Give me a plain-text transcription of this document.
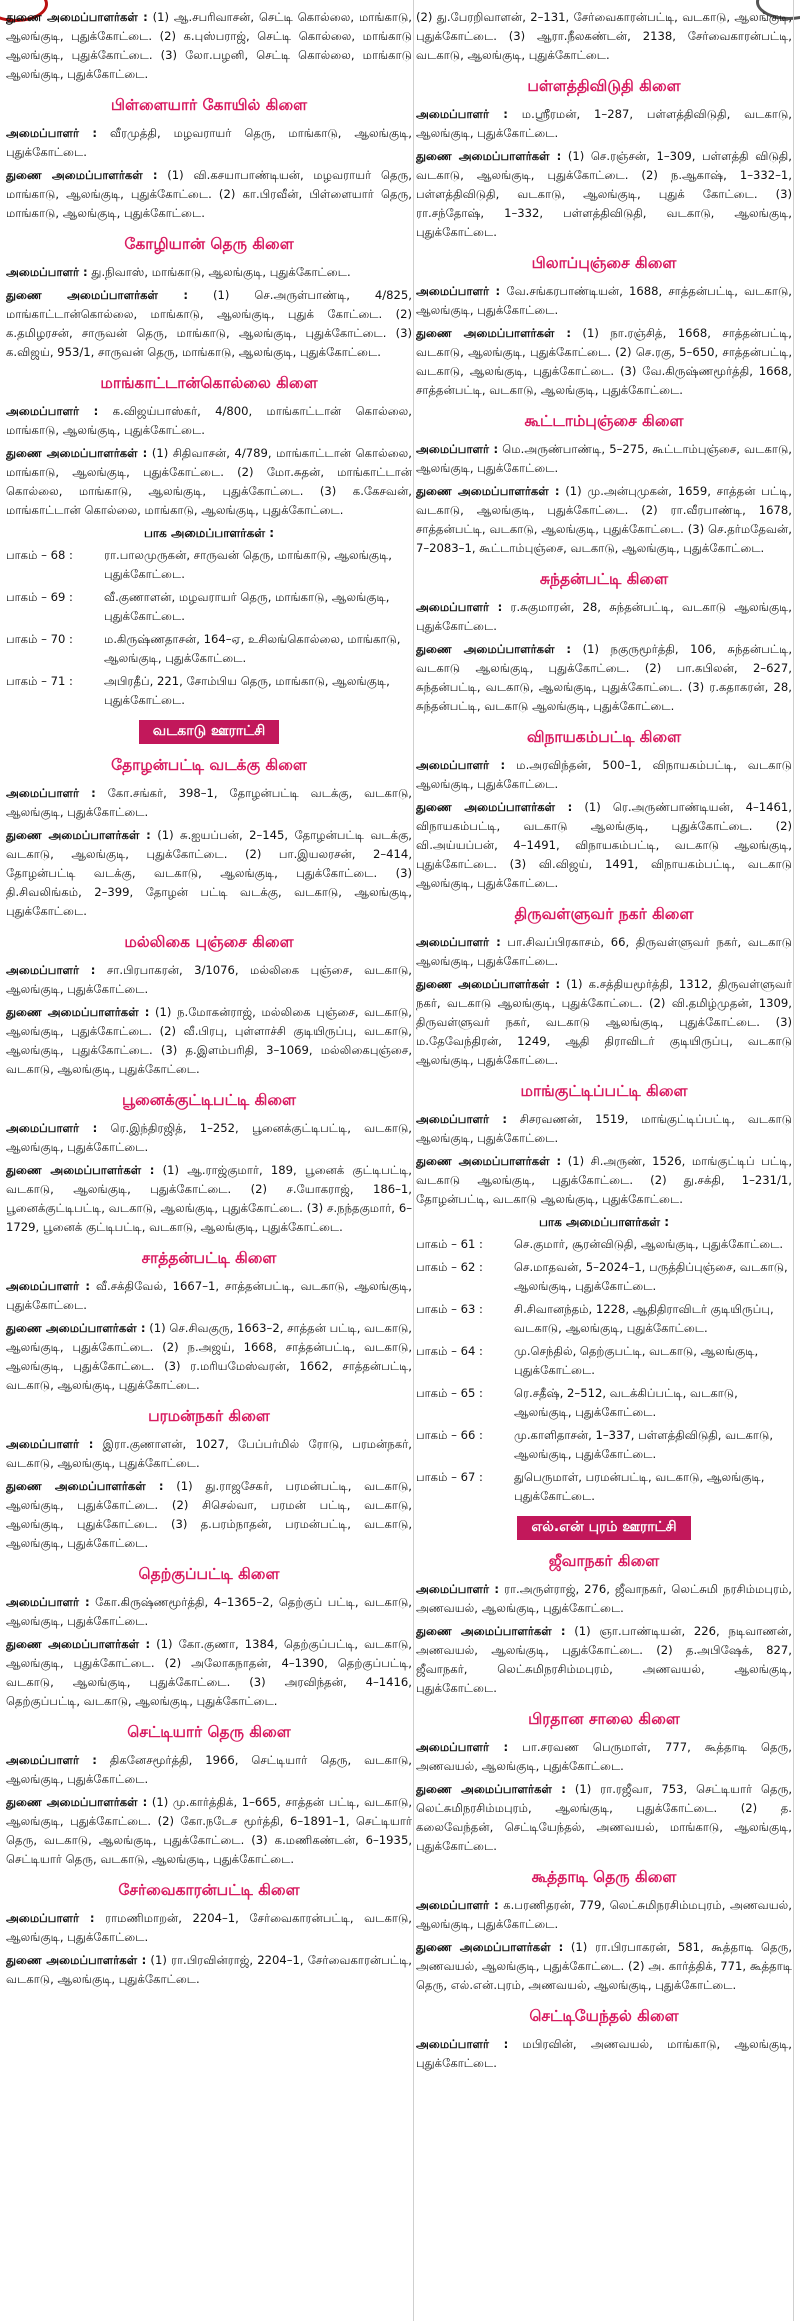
துணை அமைப்பாளர்கள் : (1) ஆ.சபரிவாசன், செட்டி கொல்லை, மாங்காடு, ஆலங்குடி, புதுக்கோட்டை. (2) க.புஸ்பராஜ், செட்டி கொல்லை, மாங்காடு ஆலங்குடி, புதுக்கோட்டை. (3) லோ.பழனி, செட்டி கொல்லை, மாங்காடு ஆலங்குடி, புதுக்கோட்டை.

பிள்ளையார் கோயில் கிளை

அமைப்பாளர் : வீரமுத்தி, மழவராயர் தெரு, மாங்காடு, ஆலங்குடி, புதுக்கோட்டை.

துணை அமைப்பாளர்கள் : (1) வி.கசயாபாண்டியன், மழவராயர் தெரு, மாங்காடு, ஆலங்குடி, புதுக்கோட்டை. (2) கா.பிரவீன், பிள்ளையார் தெரு, மாங்காடு, ஆலங்குடி, புதுக்கோட்டை.

கோழியான் தெரு கிளை

அமைப்பாளர் : து.நிவாஸ், மாங்காடு, ஆலங்குடி, புதுக்கோட்டை.

துணை அமைப்பாளர்கள் : (1) செ.அருள்பாண்டி, 4/825, மாங்காட்டான்கொல்லை, மாங்காடு, ஆலங்குடி, புதுக் கோட்டை. (2) க.தமிழரசன், சாருவன் தெரு, மாங்காடு, ஆலங்குடி, புதுக்கோட்டை. (3) க.விஜய், 953/1, சாருவன் தெரு, மாங்காடு, ஆலங்குடி, புதுக்கோட்டை.

மாங்காட்டான்கொல்லை கிளை

அமைப்பாளர் : க.விஜய்பாஸ்கர், 4/800, மாங்காட்டான் கொல்லை, மாங்காடு, ஆலங்குடி, புதுக்கோட்டை.

துணை அமைப்பாளர்கள் : (1) சிதிவாசன், 4/789, மாங்காட்டான் கொல்லை, மாங்காடு, ஆலங்குடி, புதுக்கோட்டை. (2) மோ.சுதன், மாங்காட்டான் கொல்லை, மாங்காடு, ஆலங்குடி, புதுக்கோட்டை. (3) க.கேசவன், மாங்காட்டான் கொல்லை, மாங்காடு, ஆலங்குடி, புதுக்கோட்டை.

பாக அமைப்பாளர்கள் :
பாகம் – 68 :	ரா.பாலமுருகன், சாருவன் தெரு, மாங்காடு, ஆலங்குடி, புதுக்கோட்டை.
பாகம் – 69 :	வீ.குணாளன், மழவராயர் தெரு, மாங்காடு, ஆலங்குடி, புதுக்கோட்டை.
பாகம் – 70 :	ம.கிருஷ்ணதாசன், 164–ஏ, உசிலங்கொல்லை, மாங்காடு, ஆலங்குடி, புதுக்கோட்டை.
பாகம் – 71 :	அபிரதீப், 221, சோம்பிய தெரு, மாங்காடு, ஆலங்குடி, புதுக்கோட்டை.
வடகாடு ஊராட்சி
தோழன்பட்டி வடக்கு கிளை

அமைப்பாளர் : கோ.சங்கர், 398–1, தோழன்பட்டி வடக்கு, வடகாடு, ஆலங்குடி, புதுக்கோட்டை.

துணை அமைப்பாளர்கள் : (1) சு.ஐயப்பன், 2–145, தோழன்பட்டி வடக்கு, வடகாடு, ஆலங்குடி, புதுக்கோட்டை. (2) பா.இயலரசன், 2–414, தோழன்பட்டி வடக்கு, வடகாடு, ஆலங்குடி, புதுக்கோட்டை. (3) தி.சிவலிங்கம், 2–399, தோழன் பட்டி வடக்கு, வடகாடு, ஆலங்குடி, புதுக்கோட்டை.

மல்லிகை புஞ்சை கிளை

அமைப்பாளர் : சா.பிரபாகரன், 3/1076, மல்லிகை புஞ்சை, வடகாடு, ஆலங்குடி, புதுக்கோட்டை.

துணை அமைப்பாளர்கள் : (1) ந.மோகன்ராஜ், மல்லிகை புஞ்சை, வடகாடு, ஆலங்குடி, புதுக்கோட்டை. (2) வீ.பிரபு, புள்ளாச்சி குடியிருப்பு, வடகாடு, ஆலங்குடி, புதுக்கோட்டை. (3) த.இளம்பரிதி, 3–1069, மல்லிகைபுஞ்சை, வடகாடு, ஆலங்குடி, புதுக்கோட்டை.

பூனைக்குட்டிபட்டி கிளை

அமைப்பாளர் : ரெ.இந்திரஜித், 1–252, பூனைக்குட்டிபட்டி, வடகாடு, ஆலங்குடி, புதுக்கோட்டை.

துணை அமைப்பாளர்கள் : (1) ஆ.ராஜ்குமார், 189, பூனைக் குட்டிபட்டி, வடகாடு, ஆலங்குடி, புதுக்கோட்டை. (2) ச.யோகராஜ், 186–1, பூனைக்குட்டிபட்டி, வடகாடு, ஆலங்குடி, புதுக்கோட்டை. (3) ச.நந்தகுமார், 6–1729, பூனைக் குட்டிபட்டி, வடகாடு, ஆலங்குடி, புதுக்கோட்டை.

சாத்தன்பட்டி கிளை

அமைப்பாளர் : வீ.சக்திவேல், 1667–1, சாத்தன்பட்டி, வடகாடு, ஆலங்குடி, புதுக்கோட்டை.

துணை அமைப்பாளர்கள் : (1) செ.சிவகுரு, 1663–2, சாத்தன் பட்டி, வடகாடு, ஆலங்குடி, புதுக்கோட்டை. (2) ந.அஜய், 1668, சாத்தன்பட்டி, வடகாடு, ஆலங்குடி, புதுக்கோட்டை. (3) ர.மரியமேஸ்வரன், 1662, சாத்தன்பட்டி, வடகாடு, ஆலங்குடி, புதுக்கோட்டை.

பரமன்நகர் கிளை

அமைப்பாளர் : இரா.குணாளன், 1027, பேப்பர்மில் ரோடு, பரமன்நகர், வடகாடு, ஆலங்குடி, புதுக்கோட்டை.

துணை அமைப்பாளர்கள் : (1) து.ராஜசேகர், பரமன்பட்டி, வடகாடு, ஆலங்குடி, புதுக்கோட்டை. (2) சிசெல்வா, பரமன் பட்டி, வடகாடு, ஆலங்குடி, புதுக்கோட்டை. (3) த.பரம்நாதன், பரமன்பட்டி, வடகாடு, ஆலங்குடி, புதுக்கோட்டை.

தெற்குப்பட்டி கிளை

அமைப்பாளர் : கோ.கிருஷ்ணமூர்த்தி, 4–1365–2, தெற்குப் பட்டி, வடகாடு, ஆலங்குடி, புதுக்கோட்டை.

துணை அமைப்பாளர்கள் : (1) கோ.குணா, 1384, தெற்குப்பட்டி, வடகாடு, ஆலங்குடி, புதுக்கோட்டை. (2) அலோகநாதன், 4–1390, தெற்குப்பட்டி, வடகாடு, ஆலங்குடி, புதுக்கோட்டை. (3) அரவிந்தன், 4–1416, தெற்குப்பட்டி, வடகாடு, ஆலங்குடி, புதுக்கோட்டை.

செட்டியார் தெரு கிளை

அமைப்பாளர் : திகனேசமூர்த்தி, 1966, செட்டியார் தெரு, வடகாடு, ஆலங்குடி, புதுக்கோட்டை.

துணை அமைப்பாளர்கள் : (1) மு.கார்த்திக், 1–665, சாத்தன் பட்டி, வடகாடு, ஆலங்குடி, புதுக்கோட்டை. (2) கோ.நடேச மூர்த்தி, 6–1891–1, செட்டியார் தெரு, வடகாடு, ஆலங்குடி, புதுக்கோட்டை. (3) க.மணிகண்டன், 6–1935, செட்டியார் தெரு, வடகாடு, ஆலங்குடி, புதுக்கோட்டை.

சேர்வைகாரன்பட்டி கிளை

அமைப்பாளர் : ராமணிமாறன், 2204–1, சேர்வைகாரன்பட்டி, வடகாடு, ஆலங்குடி, புதுக்கோட்டை.

துணை அமைப்பாளர்கள் : (1) ரா.பிரவின்ராஜ், 2204–1, சேர்வைகாரன்பட்டி, வடகாடு, ஆலங்குடி, புதுக்கோட்டை.

(2) து.பேரறிவாளன், 2–131, சேர்வைகாரன்பட்டி, வடகாடு, ஆலங்குடி, புதுக்கோட்டை. (3) ஆரா.நீலகண்டன், 2138, சேர்வைகாரன்பட்டி, வடகாடு, ஆலங்குடி, புதுக்கோட்டை.

பள்ளத்திவிடுதி கிளை

அமைப்பாளர் : ம.ஸ்ரீரமன், 1–287, பள்ளத்திவிடுதி, வடகாடு, ஆலங்குடி, புதுக்கோட்டை.

துணை அமைப்பாளர்கள் : (1) செ.ரஞ்சன், 1–309, பள்ளத்தி விடுதி, வடகாடு, ஆலங்குடி, புதுக்கோட்டை. (2) ந.ஆகாஷ், 1–332–1, பள்ளத்திவிடுதி, வடகாடு, ஆலங்குடி, புதுக் கோட்டை. (3) ரா.சந்தோஷ், 1–332, பள்ளத்திவிடுதி, வடகாடு, ஆலங்குடி, புதுக்கோட்டை.

பிலாப்புஞ்சை கிளை

அமைப்பாளர் : வே.சங்கரபாண்டியன், 1688, சாத்தன்பட்டி, வடகாடு, ஆலங்குடி, புதுக்கோட்டை.

துணை அமைப்பாளர்கள் : (1) நா.ரஞ்சித், 1668, சாத்தன்பட்டி, வடகாடு, ஆலங்குடி, புதுக்கோட்டை. (2) செ.ரகு, 5–650, சாத்தன்பட்டி, வடகாடு, ஆலங்குடி, புதுக்கோட்டை. (3) வே.கிருஷ்ணமூர்த்தி, 1668, சாத்தன்பட்டி, வடகாடு, ஆலங்குடி, புதுக்கோட்டை.

கூட்டாம்புஞ்சை கிளை

அமைப்பாளர் : மெ.அருண்பாண்டி, 5–275, கூட்டாம்புஞ்சை, வடகாடு, ஆலங்குடி, புதுக்கோட்டை.

துணை அமைப்பாளர்கள் : (1) மு.அன்புமுகன், 1659, சாத்தன் பட்டி, வடகாடு, ஆலங்குடி, புதுக்கோட்டை. (2) ரா.வீரபாண்டி, 1678, சாத்தன்பட்டி, வடகாடு, ஆலங்குடி, புதுக்கோட்டை. (3) செ.தர்மதேவன், 7–2083–1, கூட்டாம்புஞ்சை, வடகாடு, ஆலங்குடி, புதுக்கோட்டை.

சுந்தன்பட்டி கிளை

அமைப்பாளர் : ர.சுகுமாரன், 28, சுந்தன்பட்டி, வடகாடு ஆலங்குடி, புதுக்கோட்டை.

துணை அமைப்பாளர்கள் : (1) நகுருமூர்த்தி, 106, சுந்தன்பட்டி, வடகாடு ஆலங்குடி, புதுக்கோட்டை. (2) பா.கபிலன், 2–627, சுந்தன்பட்டி, வடகாடு, ஆலங்குடி, புதுக்கோட்டை. (3) ர.கதாகரன், 28, சுந்தன்பட்டி, வடகாடு ஆலங்குடி, புதுக்கோட்டை.

விநாயகம்பட்டி கிளை

அமைப்பாளர் : ம.அரவிந்தன், 500–1, விநாயகம்பட்டி, வடகாடு ஆலங்குடி, புதுக்கோட்டை.

துணை அமைப்பாளர்கள் : (1) ரெ.அருண்பாண்டியன், 4–1461, விநாயகம்பட்டி, வடகாடு ஆலங்குடி, புதுக்கோட்டை. (2) வி.அய்யப்பன், 4–1491, விநாயகம்பட்டி, வடகாடு ஆலங்குடி, புதுக்கோட்டை. (3) வி.விஜய், 1491, விநாயகம்பட்டி, வடகாடு ஆலங்குடி, புதுக்கோட்டை.

திருவள்ளுவர் நகர் கிளை

அமைப்பாளர் : பா.சிவப்பிரகாசம், 66, திருவள்ளுவர் நகர், வடகாடு ஆலங்குடி, புதுக்கோட்டை.

துணை அமைப்பாளர்கள் : (1) க.சத்தியமூர்த்தி, 1312, திருவள்ளுவர் நகர், வடகாடு ஆலங்குடி, புதுக்கோட்டை. (2) வி.தமிழ்முதன், 1309, திருவள்ளுவர் நகர், வடகாடு ஆலங்குடி, புதுக்கோட்டை. (3) ம.தேவேந்திரன், 1249, ஆதி திராவிடர் குடியிருப்பு, வடகாடு ஆலங்குடி, புதுக்கோட்டை.

மாங்குட்டிப்பட்டி கிளை

அமைப்பாளர் : சிசரவணன், 1519, மாங்குட்டிப்பட்டி, வடகாடு ஆலங்குடி, புதுக்கோட்டை.

துணை அமைப்பாளர்கள் : (1) சி.அருண், 1526, மாங்குட்டிப் பட்டி, வடகாடு ஆலங்குடி, புதுக்கோட்டை. (2) து.சக்தி, 1–231/1, தோழன்பட்டி, வடகாடு ஆலங்குடி, புதுக்கோட்டை.

பாக அமைப்பாளர்கள் :
பாகம் – 61 :	செ.குமார், சூரன்விடுதி, ஆலங்குடி, புதுக்கோட்டை.
பாகம் – 62 :	செ.மாதவன், 5–2024–1, பருத்திப்புஞ்சை, வடகாடு, ஆலங்குடி, புதுக்கோட்டை.
பாகம் – 63 :	சி.சிவானந்தம், 1228, ஆதிதிராவிடர் குடியிருப்பு, வடகாடு, ஆலங்குடி, புதுக்கோட்டை.
பாகம் – 64 :	மு.செந்தில், தெற்குபட்டி, வடகாடு, ஆலங்குடி, புதுக்கோட்டை.
பாகம் – 65 :	ரெ.சதீஷ், 2–512, வடக்கிப்பட்டி, வடகாடு, ஆலங்குடி, புதுக்கோட்டை.
பாகம் – 66 :	மு.காளிதாசன், 1–337, பள்ளத்திவிடுதி, வடகாடு, ஆலங்குடி, புதுக்கோட்டை.
பாகம் – 67 :	துபெருமாள், பரமன்பட்டி, வடகாடு, ஆலங்குடி, புதுக்கோட்டை.
எல்.என் புரம் ஊராட்சி
ஜீவாநகர் கிளை

அமைப்பாளர் : ரா.அருள்ராஜ், 276, ஜீவாநகர், லெட்சுமி நரசிம்மபுரம், அணவயல், ஆலங்குடி, புதுக்கோட்டை.

துணை அமைப்பாளர்கள் : (1) ஞா.பாண்டியன், 226, நடிவாணன், அணவயல், ஆலங்குடி, புதுக்கோட்டை. (2) த.அபிஷேக், 827, ஜீவாநகர், லெட்சுமிநரசிம்மபுரம், அணவயல், ஆலங்குடி, புதுக்கோட்டை.

பிரதான சாலை கிளை

அமைப்பாளர் : பா.சரவண பெருமாள், 777, கூத்தாடி தெரு, அணவயல், ஆலங்குடி, புதுக்கோட்டை.

துணை அமைப்பாளர்கள் : (1) ரா.ரஜீவா, 753, செட்டியார் தெரு, லெட்சுமிநரசிம்மபுரம், ஆலங்குடி, புதுக்கோட்டை. (2) த. கலைவேந்தன், செட்டியேந்தல், அணவயல், மாங்காடு, ஆலங்குடி, புதுக்கோட்டை.

கூத்தாடி தெரு கிளை

அமைப்பாளர் : க.பரணிதரன், 779, லெட்சுமிநரசிம்மபுரம், அணவயல், ஆலங்குடி, புதுக்கோட்டை.

துணை அமைப்பாளர்கள் : (1) ரா.பிரபாகரன், 581, கூத்தாடி தெரு, அணவயல், ஆலங்குடி, புதுக்கோட்டை. (2) அ. கார்த்திக், 771, கூத்தாடி தெரு, எல்.என்.புரம், அணவயல், ஆலங்குடி, புதுக்கோட்டை.

செட்டியேந்தல் கிளை

அமைப்பாளர் : மபிரவின், அணவயல், மாங்காடு, ஆலங்குடி, புதுக்கோட்டை.
